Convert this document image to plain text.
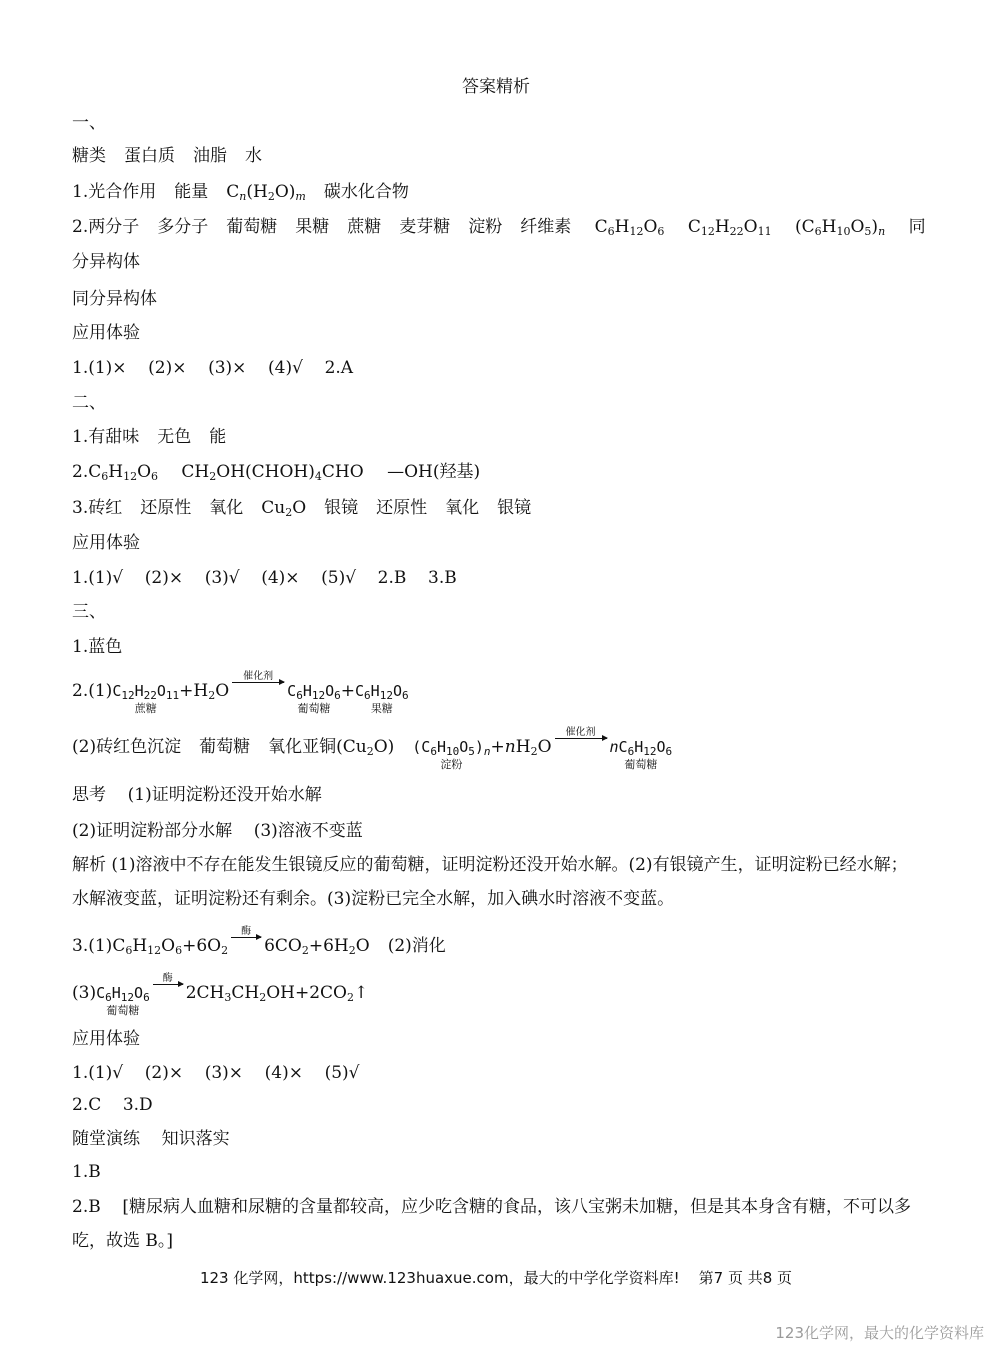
答案精析
一、
糖类 蛋白质 油脂 水
1.光合作用 能量 $C_n(H_2O)_m$ 碳水化合物
2.两分子 多分子 葡萄糖 果糖 蔗糖 麦芽糖 淀粉 纤维素 $C_6H_{12}O_6$ $C_{12}H_{22}O_{11}$ $(C_6H_{10}O_5)_n$ 同
分异构体
同分异构体
应用体验
1.(1)×    (2)×    (3)×    (4)√    2.A
二、
1.有甜味 无色 能
$2.C_6H_{12}O_6$ $CH_2OH(CHOH)_4CHO$ —OH(羟基)
3.砖红 还原性 氧化 $Cu_2O$ 银镜 还原性 氧化 银镜
应用体验
1.(1)√    (2)×    (3)√    (4)×    (5)√    2.B    3.B
三、
1.蓝色
2.(1) $C_{12}H_{22}O_{11}$
蔗糖
$+H_2O$
催化剂
$C_6H_{12}O_6$
葡萄糖
+ $C_6H_{12}O_6$
果糖
(2)砖红色沉淀 葡萄糖 氧化亚铜(Cu $_2$O) $(C_6H_{10}O_5)_n$
淀粉
$+nH_2O$
催化剂
$nC_6H_{12}O_6$
葡萄糖
思考    (1)证明淀粉还没开始水解
(2)证明淀粉部分水解    (3)溶液不变蓝
解析 (1)溶液中不存在能发生银镜反应的葡萄糖，证明淀粉还没开始水解。(2)有银镜产生，证明淀粉已经水解；水解液变蓝，证明淀粉还有剩余。(3)淀粉已完全水解，加入碘水时溶液不变蓝。
3.(1) $C_6H_{12}O_6+6O_2$
酶
$6CO_2+6H_2O$ (2)消化
(3) $C_6H_{12}O_6$
葡萄糖
酶
$2CH_3CH_2OH+2CO_2↑$
应用体验
1.(1)√    (2)×    (3)×    (4)×    (5)√
2.C    3.D
随堂演练    知识落实
1.B
2.B    [糖尿病人血糖和尿糖的含量都较高，应少吃含糖的食品，该八宝粥未加糖，但是其本身含有糖，不可以多吃，故选 B。]
123 化学网，https://www.123huaxue.com，最大的中学化学资料库!    第7 页 共8 页
123化学网，最大的化学资料库
